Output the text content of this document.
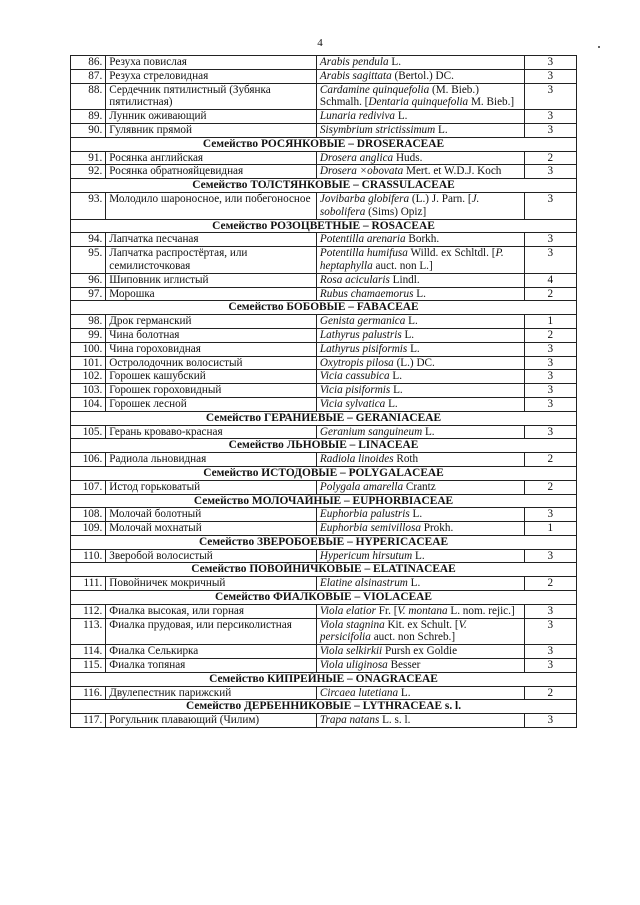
4
86.	Резуха повислая	Arabis pendula L.	3
87.	Резуха стреловидная	Arabis sagittata (Bertol.) DC.	3
88.	Сердечник пятилистный (Зубянка пятилистная)	Cardamine quinquefolia (M. Bieb.) Schmalh. [Dentaria quinquefolia M. Bieb.]	3
89.	Лунник оживающий	Lunaria rediviva L.	3
90.	Гулявник прямой	Sisymbrium strictissimum L.	3
Семейство РОСЯНКОВЫЕ – DROSERACEAE			
91.	Росянка английская	Drosera anglica Huds.	2
92.	Росянка обратнояйцевидная	Drosera ×obovata Mert. et W.D.J. Koch	3
Семейство ТОЛСТЯНКОВЫЕ – CRASSULACEAE			
93.	Молодило шароносное, или побегоносное	Jovibarba globifera (L.) J. Parn. [J. sobolifera (Sims) Opiz]	3
Семейство РОЗОЦВЕТНЫЕ – ROSACEAE			
94.	Лапчатка песчаная	Potentilla arenaria Borkh.	3
95.	Лапчатка распростёртая, или семилисточковая	Potentilla humifusa Willd. ex Schltdl. [P. heptaphylla auct. non L.]	3
96.	Шиповник иглистый	Rosa acicularis Lindl.	4
97.	Морошка	Rubus chamaemorus L.	2
Семейство БОБОВЫЕ – FABACEAE			
98.	Дрок германский	Genista germanica L.	1
99.	Чина болотная	Lathyrus palustris L.	2
100.	Чина гороховидная	Lathyrus pisiformis L.	3
101.	Остролодочник волосистый	Oxytropis pilosa (L.) DC.	3
102.	Горошек кашубский	Vicia cassubica L.	3
103.	Горошек гороховидный	Vicia pisiformis L.	3
104.	Горошек лесной	Vicia sylvatica L.	3
Семейство ГЕРАНИЕВЫЕ – GERANIACEAE			
105.	Герань кроваво-красная	Geranium sanguineum L.	3
Семейство ЛЬНОВЫЕ – LINACEAE			
106.	Радиола льновидная	Radiola linoides Roth	2
Семейство ИСТОДОВЫЕ – POLYGALACEAE			
107.	Истод горьковатый	Polygala amarella Crantz	2
Семейство МОЛОЧАЙНЫЕ – EUPHORBIACEAE			
108.	Молочай болотный	Euphorbia palustris L.	3
109.	Молочай мохнатый	Euphorbia semivillosa Prokh.	1
Семейство ЗВЕРОБОЕВЫЕ – HYPERICACEAE			
110.	Зверобой волосистый	Hypericum hirsutum L.	3
Семейство ПОВОЙНИЧКОВЫЕ – ELATINACEAE			
111.	Повойничек мокричный	Elatine alsinastrum L.	2
Семейство ФИАЛКОВЫЕ – VIOLACEAE			
112.	Фиалка высокая, или горная	Viola elatior Fr. [V. montana L. nom. rejic.]	3
113.	Фиалка прудовая, или персиколистная	Viola stagnina Kit. ex Schult. [V. persicifolia auct. non Schreb.]	3
114.	Фиалка Селькирка	Viola selkirkii Pursh ex Goldie	3
115.	Фиалка топяная	Viola uliginosa Besser	3
Семейство КИПРЕЙНЫЕ – ONAGRACEAE			
116.	Двулепестник парижский	Circaea lutetiana L.	2
Семейство ДЕРБЕННИКОВЫЕ – LYTHRACEAE s. l.			
117.	Рогульник плавающий (Чилим)	Trapa natans L. s. l.	3
